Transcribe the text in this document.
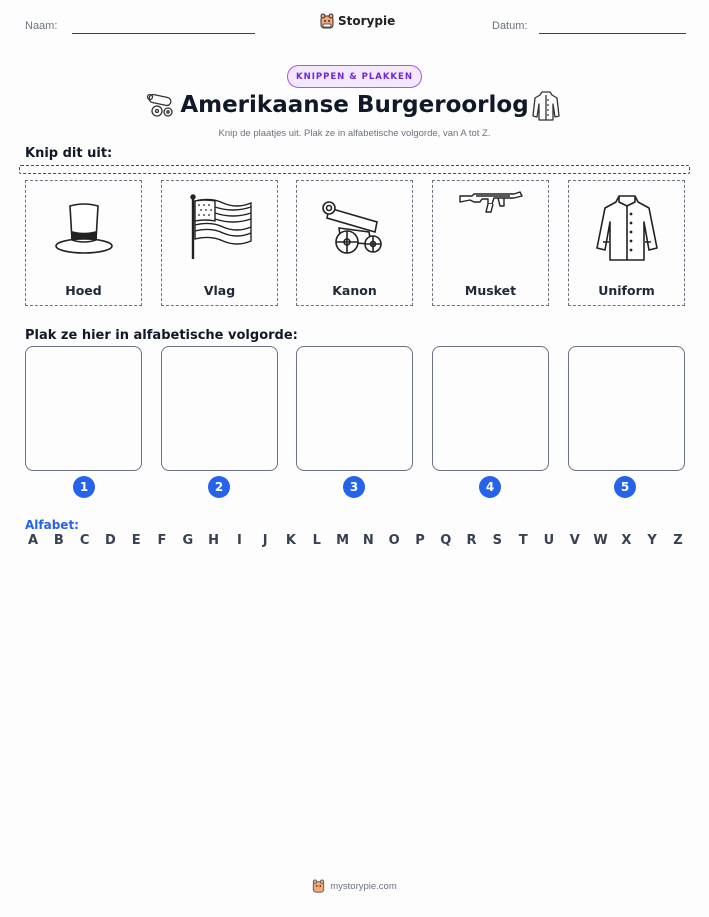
Naam:	Storypie	Datum:
KNIPPEN & PLAKKEN
Amerikaanse Burgeroorlog
Knip de plaatjes uit. Plak ze in alfabetische volgorde, van A tot Z.
Knip dit uit:
Hoed	Vlag	Kanon	Musket	Uniform
Plak ze hier in alfabetische volgorde:
1	2	3	4	5
Alfabet:
A B C D E F G H	I	J	K L M N O P Q R S T U V W X Y Z
mystorypie.com
